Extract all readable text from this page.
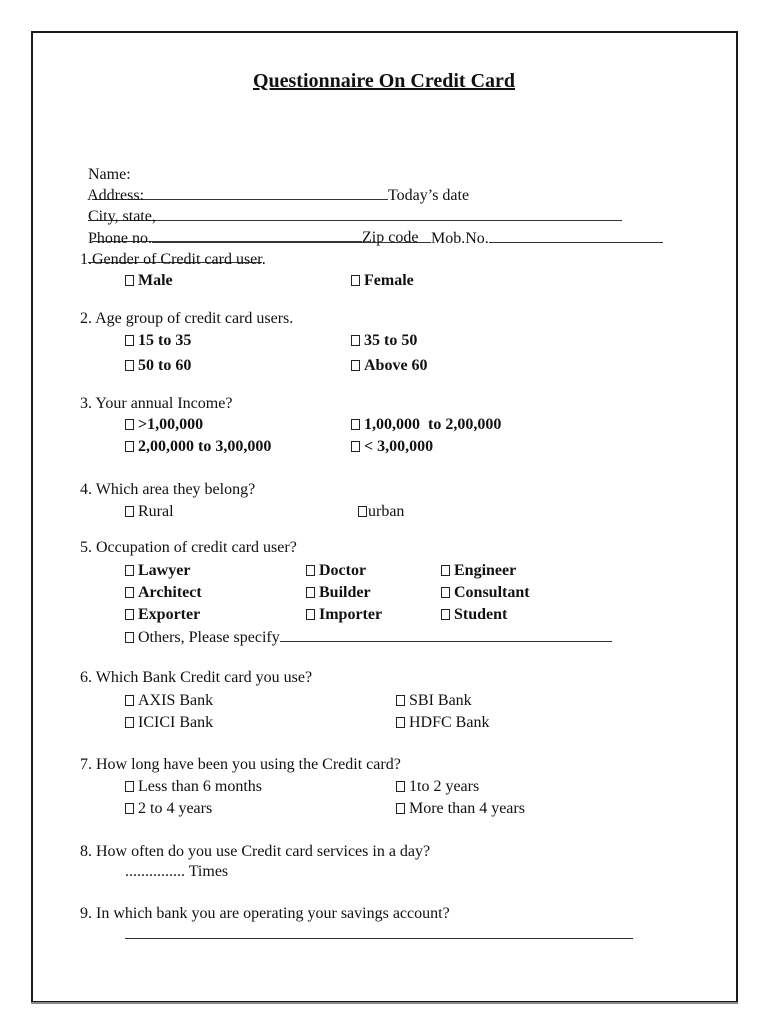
Questionnaire On Credit Card

Name:
Today’s date

Address:

City, state,
Zip code

Phone no.	Mob.No.

1.Gender of Credit card user.
Male	Female
2. Age group of credit card users.
15 to 35	35 to 50
50 to 60	Above 60
3. Your annual Income?
>1,00,000	1,00,000  to 2,00,000
2,00,000 to 3,00,000	< 3,00,000
4. Which area they belong?
Rural	urban
5. Occupation of credit card user?
Lawyer	Doctor	Engineer
Architect	Builder	Consultant
Exporter	Importer	Student
Others, Please specify
6. Which Bank Credit card you use?
AXIS Bank	SBI Bank
ICICI Bank	HDFC Bank
7. How long have been you using the Credit card?
Less than 6 months	1to 2 years
2 to 4 years	More than 4 years
8. How often do you use Credit card services in a day?
............... Times
9. In which bank you are operating your savings account?
